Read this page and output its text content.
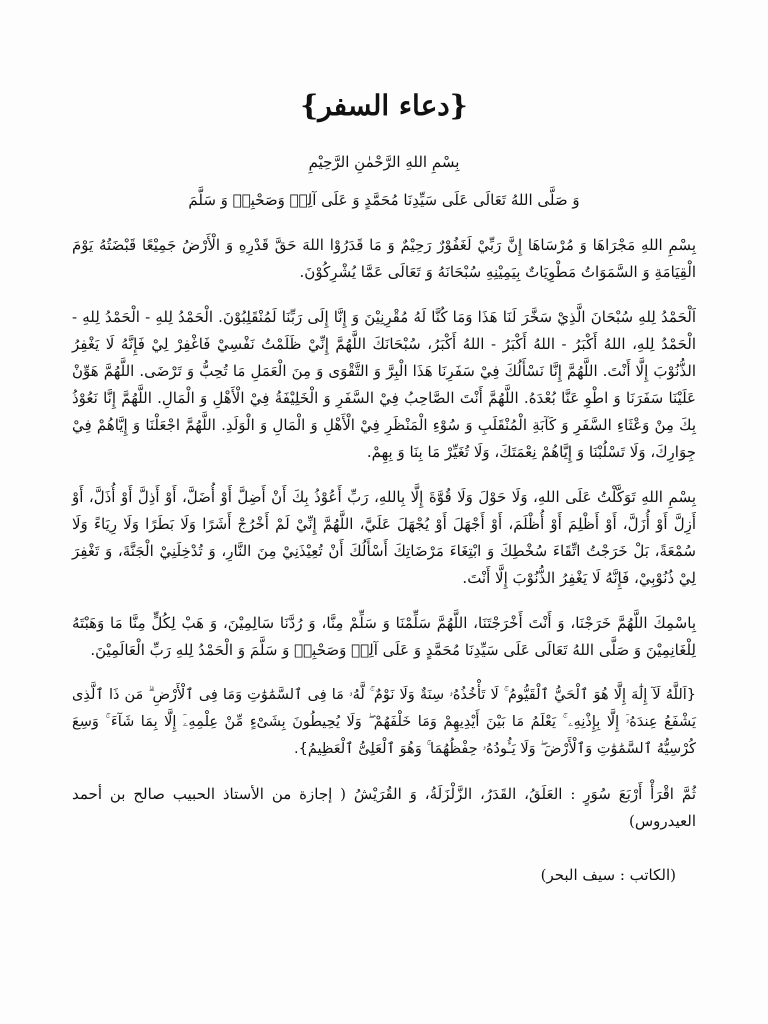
{دعاء السفر}

بِسْمِ اللهِ الرَّحْمٰنِ الرَّحِيْمِ

وَ صَلَّى اللهُ تَعَالَى عَلَى سَيِّدِنَا مُحَمَّدٍ وَ عَلَى آلِهٖ وَصَحْبِهٖ وَ سَلَّمَ

بِسْمِ اللهِ مَجْرَاهَا وَ مُرْسَاهَا إِنَّ رَبِّيْ لَغَفُوْرٌ رَحِيْمٌ وَ مَا قَدَرُوْا اللهَ حَقَّ قَدْرِهِ وَ الْأَرْضُ جَمِيْعًا قَبْضَتُهُ يَوْمَ الْقِيَامَةِ وَ السَّمَوَاتُ مَطْوِيَاتٌ بِيَمِيْنِهِ سُبْحَانَهُ وَ تَعَالَى عَمَّا يُشْرِكُوْنَ.

اَلْحَمْدُ لِلهِ سُبْحَانَ الَّذِيْ سَخَّرَ لَنَا هَذَا وَمَا كُنَّا لَهُ مُقْرِنِيْنَ وَ إِنَّا إِلَى رَبِّنَا لَمُنْقَلِبُوْنَ. الْحَمْدُ لِلهِ - الْحَمْدُ لِلهِ - الْحَمْدُ لِلهِ، اللهُ أَكْبَرُ - اللهُ أَكْبَرُ - اللهُ أَكْبَرُ، سُبْحَانَكَ اللَّهُمَّ إِنِّيْ ظَلَمْتُ نَفْسِيْ فَاغْفِرْ لِيْ فَإِنَّهُ لَا يَغْفِرُ الذُّنُوْبَ إِلَّا أَنْتَ. اللَّهُمَّ إِنَّا نَسْأَلُكَ فِيْ سَفَرِنَا هَذَا الْبِرَّ وَ التَّقْوَى وَ مِنَ الْعَمَلِ مَا تُحِبُّ وَ تَرْضَى. اللَّهُمَّ هَوِّنْ عَلَيْنَا سَفَرَنَا وَ اطْوِ عَنَّا بُعْدَهُ. اللَّهُمَّ أَنْتَ الصَّاحِبُ فِيْ السَّفَرِ وَ الْخَلِيْفَةُ فِيْ الْأَهْلِ وَ الْمَالِ. اللَّهُمَّ إِنَّا نَعُوْذُ بِكَ مِنْ وَعْثَاءِ السَّفَرِ وَ كَآبَةِ الْمُنْقَلَبِ وَ سُوْءِ الْمَنْظَرِ فِيْ الْأَهْلِ وَ الْمَالِ وَ الْوَلَدِ. اللَّهُمَّ اجْعَلْنَا وَ إِيَّاهُمْ فِيْ جِوَارِكَ، وَلَا تَسْلُبْنَا وَ إِيَّاهُمْ نِعْمَتَكَ، وَلَا تُغَيِّرْ مَا بِنَا وَ بِهِمْ.

بِسْمِ اللهِ تَوَكَّلْتُ عَلَى اللهِ، وَلَا حَوْلَ وَلَا قُوَّةَ إِلَّا بِاللهِ، رَبِّ أَعُوْذُ بِكَ أَنْ أَضِلَّ أَوْ أُضَلَّ، أَوْ أَذِلَّ أَوْ أُذَلَّ، أَوْ أَزِلَّ أَوْ أُزَلَّ، أَوْ أَظْلِمَ أَوْ أُظْلَمَ، أَوْ أَجْهَلَ أَوْ يُجْهَلَ عَلَيَّ، اللَّهُمَّ إِنِّيْ لَمْ أَخْرُجْ أَشَرًا وَلَا بَطَرًا وَلَا رِيَاءً وَلَا سُمْعَةً، بَلْ خَرَجْتُ اتِّقَاءَ سُخْطِكَ وَ ابْتِغَاءَ مَرْضَاتِكَ أَسْأَلُكَ أَنْ تُعِيْذَنِيْ مِنَ النَّارِ، وَ تُدْخِلَنِيْ الْجَنَّةَ، وَ تَغْفِرَ لِيْ ذُنُوْبِيْ، فَإِنَّهُ لَا يَغْفِرُ الذُّنُوْبَ إِلَّا أَنْتَ.

بِاسْمِكَ اللَّهُمَّ خَرَجْنَا، وَ أَنْتَ أَخْرَجْتَنَا، اللَّهُمَّ سَلِّمْنَا وَ سَلِّمْ مِنَّا، وَ رُدَّنَا سَالِمِيْنَ، وَ هَبْ لِكُلٍّ مِنَّا مَا وَهَبْتَهُ لِلْغَانِمِيْنَ وَ صَلَّى اللهُ تَعَالَى عَلَى سَيِّدِنَا مُحَمَّدٍ وَ عَلَى آلِهٖ وَصَحْبِهٖ وَ سَلَّمَ وَ الْحَمْدُ لِلهِ رَبِّ الْعَالَمِيْنَ.

{اَللَّهُ لَآ إِلَٰهَ إِلَّا هُوَ ٱلْحَيُّ ٱلْقَيُّومُ ۚ لَا تَأْخُذُهُۥ سِنَةٌ وَلَا نَوْمٌ ۚ لَّهُۥ مَا فِى ٱلسَّمَٰوَٰتِ وَمَا فِى ٱلْأَرْضِ ۗ مَن ذَا ٱلَّذِى يَشْفَعُ عِندَهُۥٓ إِلَّا بِإِذْنِهِۦ ۚ يَعْلَمُ مَا بَيْنَ أَيْدِيهِمْ وَمَا خَلْفَهُمْ ۖ وَلَا يُحِيطُونَ بِشَىْءٍ مِّنْ عِلْمِهِۦٓ إِلَّا بِمَا شَآءَ ۚ وَسِعَ كُرْسِيُّهُ ٱلسَّمَٰوَٰتِ وَٱلْأَرْضَ ۖ وَلَا يَـُٔودُهُۥ حِفْظُهُمَا ۚ وَهُوَ ٱلْعَلِىُّ ٱلْعَظِيمُ}.

ثُمَّ اقْرَأْ أَرْبَعَ سُوَرٍ : العَلَقُ، القَدَرُ، الزَّلْزَلَةُ، وَ القُرَيْشُ ( إجازة من الأستاذ الحبيب صالح بن أحمد العيدروس)

(الكاتب : سيف البحر)
